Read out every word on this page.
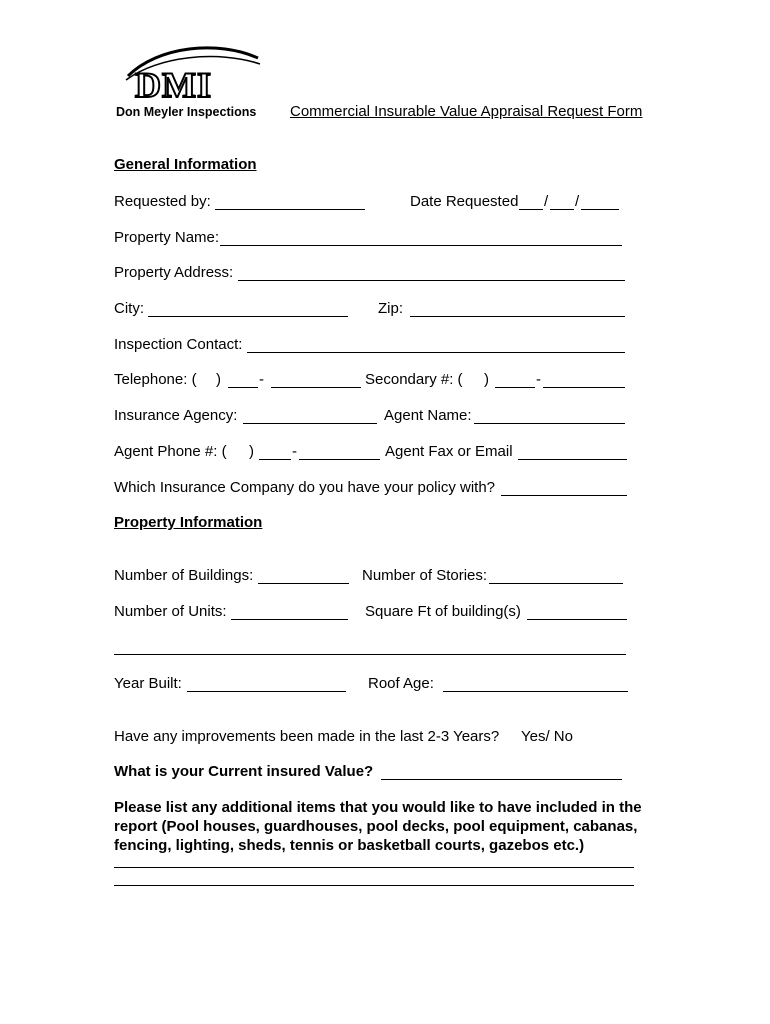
DMI
Don Meyler Inspections Commercial Insurable Value Appraisal Request Form
General Information
Requested by:	Date Requested / /
Property Name:
Property Address:
City:	Zip:
Inspection Contact:
Telephone: ( )	-	Secondary #: ( )	-
Insurance Agency:	Agent Name:
Agent Phone #: ( )	-	Agent Fax or Email
Which Insurance Company do you have your policy with?
Property Information
Number of Buildings:	Number of Stories:
Number of Units:	Square Ft of building(s)
Year Built:	Roof Age:
Have any improvements been made in the last 2-3 Years? Yes/ No
What is your Current insured Value?
Please list any additional items that you would like to have included in the
report (Pool houses, guardhouses, pool decks, pool equipment, cabanas,
fencing, lighting, sheds, tennis or basketball courts, gazebos etc.)
